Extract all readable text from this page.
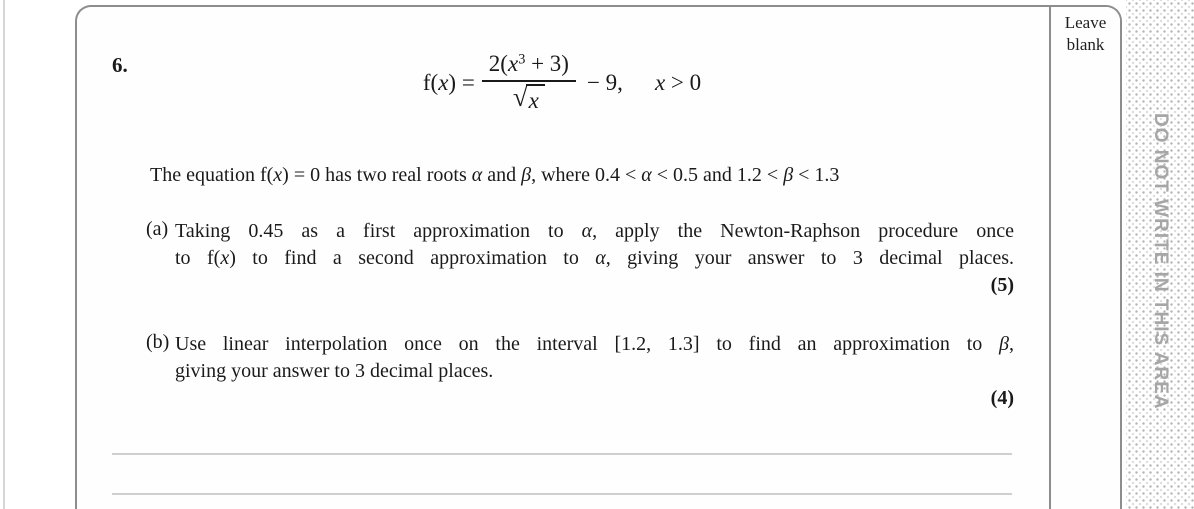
6.
$f(x) = \frac{2(x^3 + 3)}{√ x} - 9$, x > 0
The equation f(x) = 0 has two real roots α and β, where 0.4 < α < 0.5 and 1.2 < β < 1.3
(a) Taking 0.45 as a first approximation to α, apply the Newton-Raphson procedure once
to f(x) to find a second approximation to α, giving your answer to 3 decimal places.
(5)
(b) Use linear interpolation once on the interval [1.2, 1.3] to find an approximation to β,
giving your answer to 3 decimal places.
(4)
Leave blank
DO NOT WRITE IN THIS AREA
